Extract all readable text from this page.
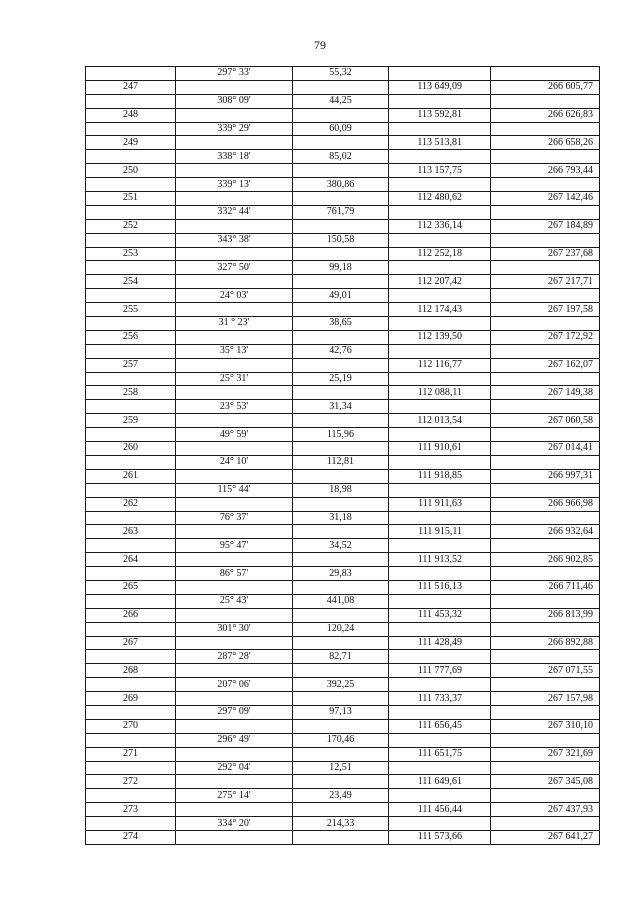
79
	297° 33'	55,32		
247			113 649,09	266 605,77
	308° 09'	44,25		
248			113 592,81	266 626,83
	339° 29'	60,09		
249			113 513,81	266 658,26
	338° 18'	85,02		
250			113 157,75	266 793,44
	339° 13'	380,86		
251			112 480,62	267 142,46
	332° 44'	761,79		
252			112 336,14	267 184,89
	343° 38'	150,58		
253			112 252,18	267 237,68
	327° 50'	99,18		
254			112 207,42	267 217,71
	24° 03'	49,01		
255			112 174,43	267 197,58
	31 ° 23'	38,65		
256			112 139,50	267 172,92
	35° 13'	42,76		
257			112 116,77	267 162,07
	25° 31'	25,19		
258			112 088,11	267 149,38
	23° 53'	31,34		
259			112 013,54	267 060,58
	49° 59'	115,96		
260			111 910,61	267 014,41
	24° 10'	112,81		
261			111 918,85	266 997,31
	115° 44'	18,98		
262			111 911,63	266 966,98
	76° 37'	31,18		
263			111 915,11	266 932,64
	95° 47'	34,52		
264			111 913,52	266 902,85
	86° 57'	29,83		
265			111 516,13	266 711,46
	25° 43'	441,08		
266			111 453,32	266 813,99
	301° 30'	120,24		
267			111 428,49	266 892,88
	287° 28'	82,71		
268			111 777,69	267 071,55
	207° 06'	392,25		
269			111 733,37	267 157,98
	297° 09'	97,13		
270			111 656,45	267 310,10
	296° 49'	170,46		
271			111 651,75	267 321,69
	292° 04'	12,51		
272			111 649,61	267 345,08
	275° 14'	23,49		
273			111 456,44	267 437,93
	334° 20'	214,33		
274			111 573,66	267 641,27
